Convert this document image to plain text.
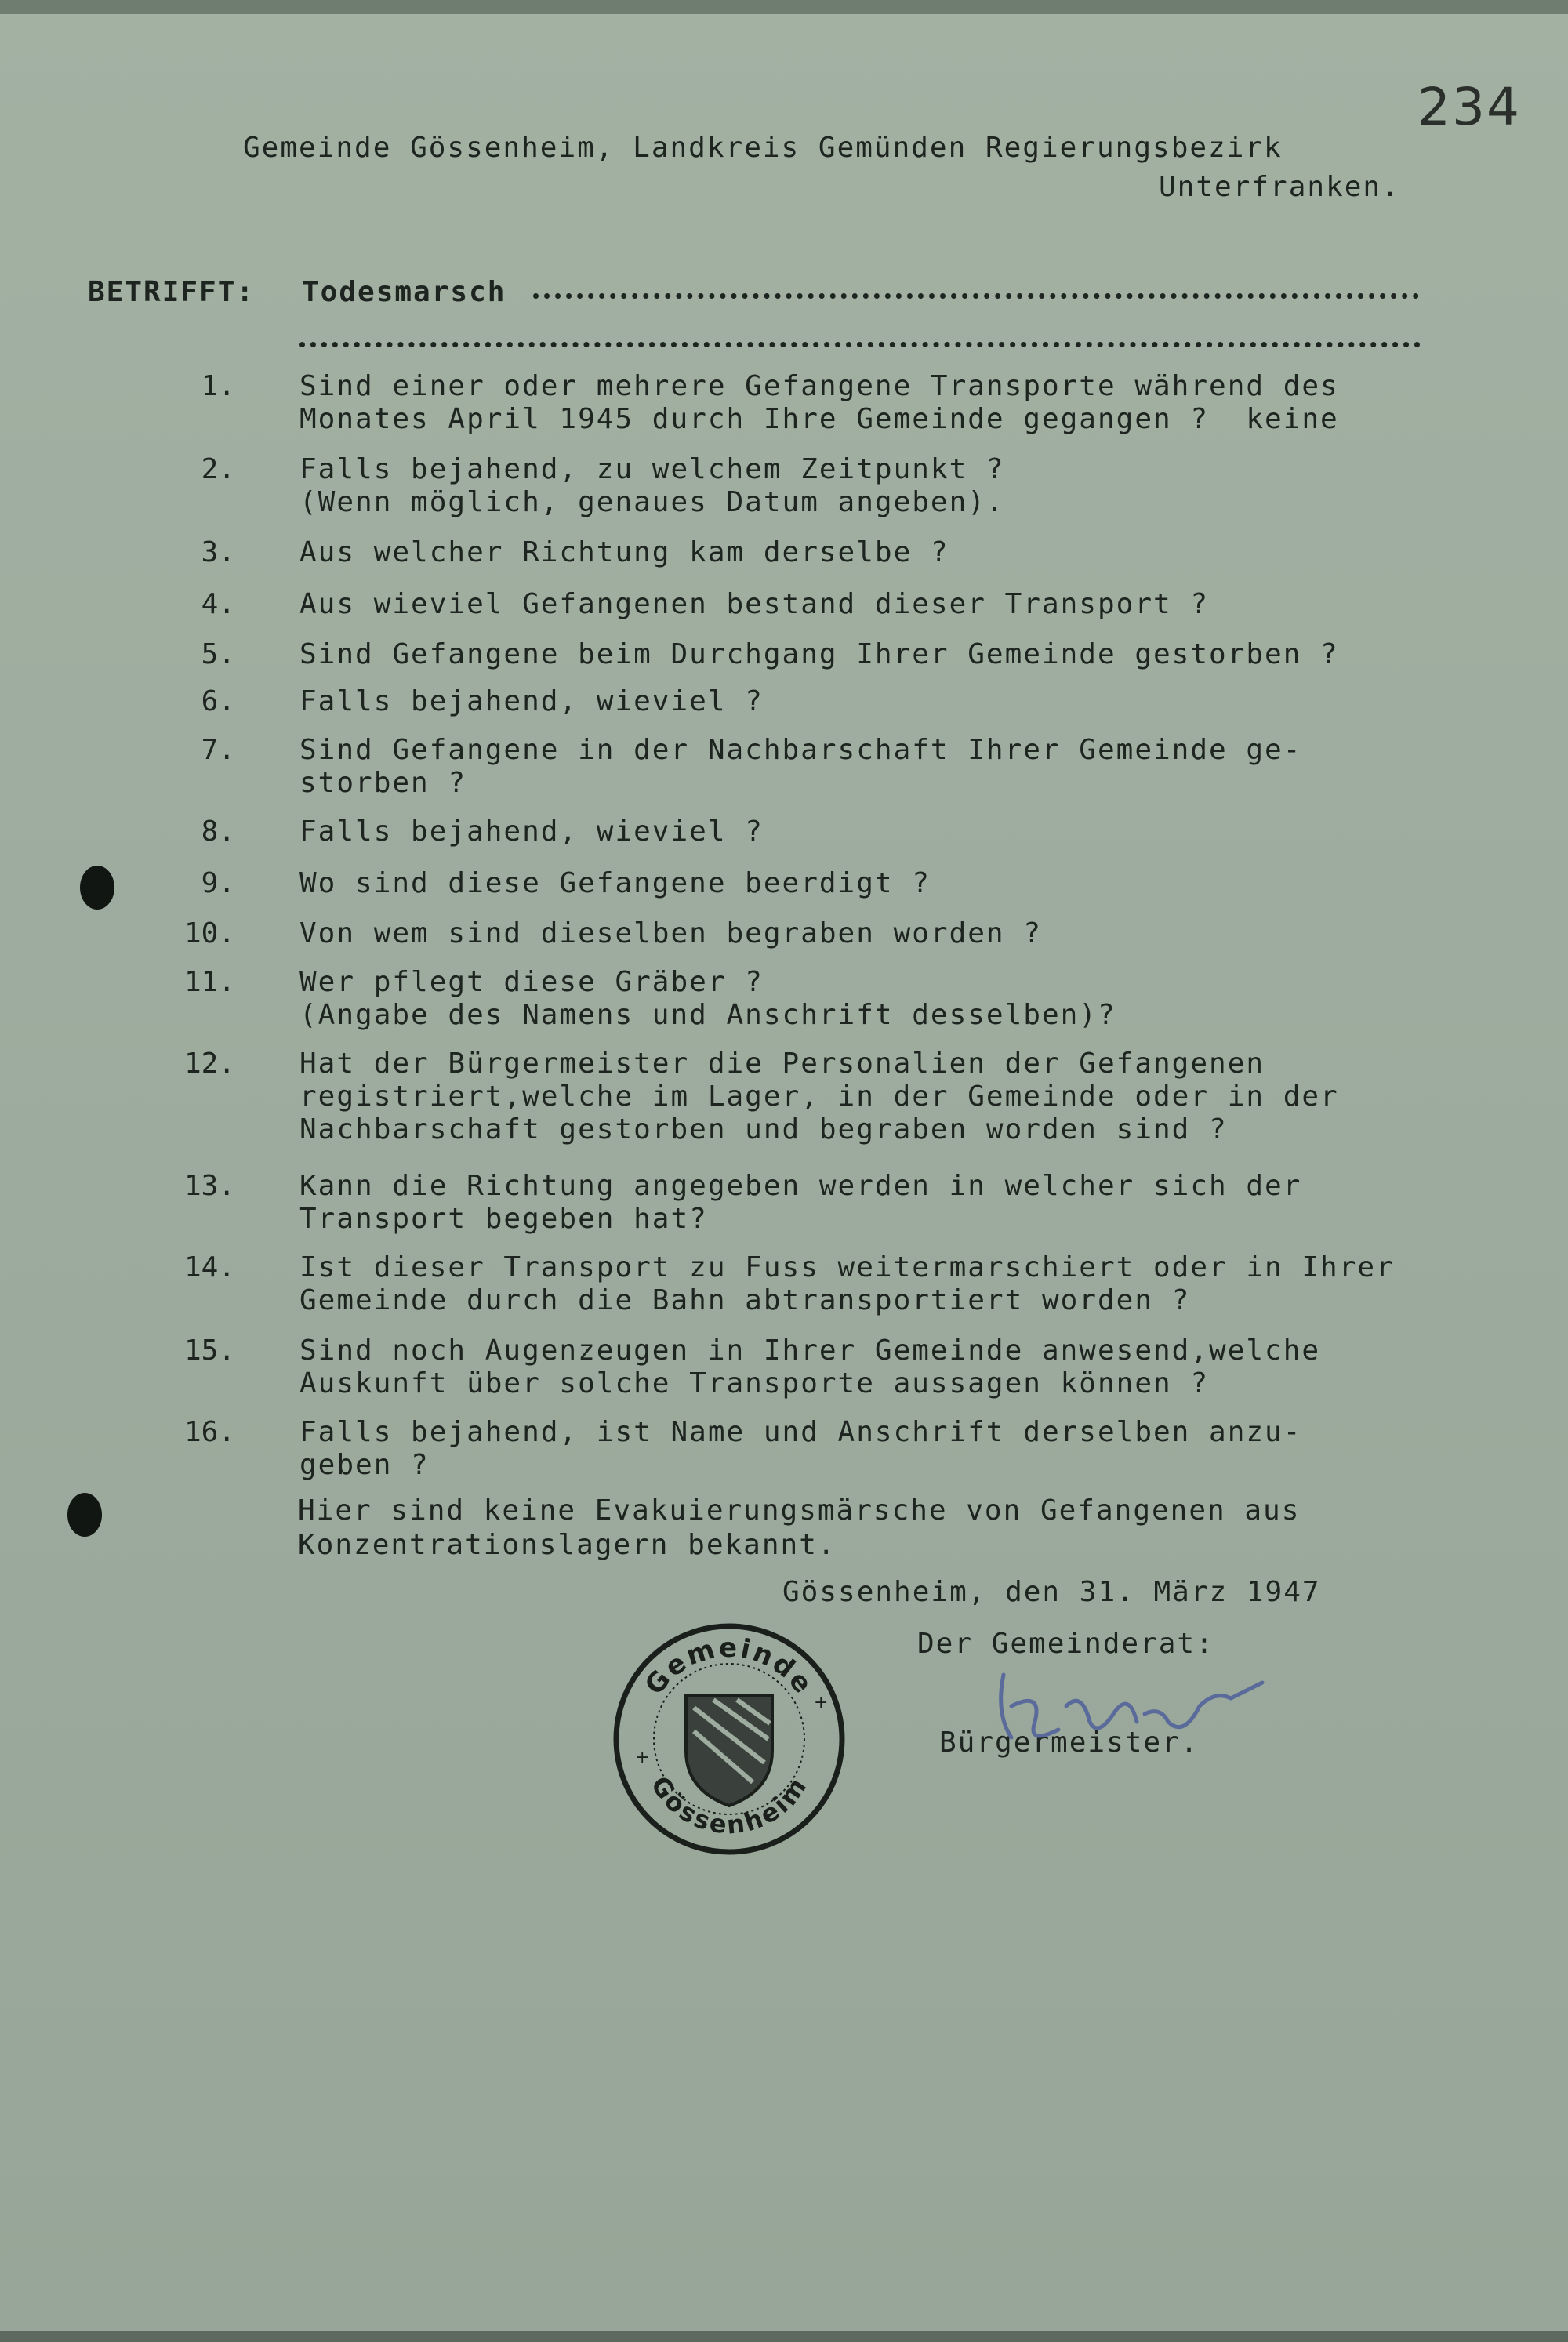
234
Gemeinde Gössenheim, Landkreis Gemünden Regierungsbezirk
Unterfranken.
BETRIFFT: Todesmarsch
1. Sind einer oder mehrere Gefangene Transporte während des
Monates April 1945 durch Ihre Gemeinde gegangen ?  keine
2. Falls bejahend, zu welchem Zeitpunkt ?
(Wenn möglich, genaues Datum angeben).
3. Aus welcher Richtung kam derselbe ?
4. Aus wieviel Gefangenen bestand dieser Transport ?
5. Sind Gefangene beim Durchgang Ihrer Gemeinde gestorben ?
6. Falls bejahend, wieviel ?
7. Sind Gefangene in der Nachbarschaft Ihrer Gemeinde ge-
storben ?
8. Falls bejahend, wieviel ?
9. Wo sind diese Gefangene beerdigt ?
10. Von wem sind dieselben begraben worden ?
11. Wer pflegt diese Gräber ?
(Angabe des Namens und Anschrift desselben)?
12. Hat der Bürgermeister die Personalien der Gefangenen
registriert,welche im Lager, in der Gemeinde oder in der
Nachbarschaft gestorben und begraben worden sind ?
13. Kann die Richtung angegeben werden in welcher sich der
Transport begeben hat?
14. Ist dieser Transport zu Fuss weitermarschiert oder in Ihrer
Gemeinde durch die Bahn abtransportiert worden ?
15. Sind noch Augenzeugen in Ihrer Gemeinde anwesend,welche
Auskunft über solche Transporte aussagen können ?
16. Falls bejahend, ist Name und Anschrift derselben anzu-
geben ?
Hier sind keine Evakuierungsmärsche von Gefangenen aus
Konzentrationslagern bekannt.
Gössenheim, den 31. März 1947
Der Gemeinderat:
Bürgermeister.
Gemeinde
Gössenheim
+
+
